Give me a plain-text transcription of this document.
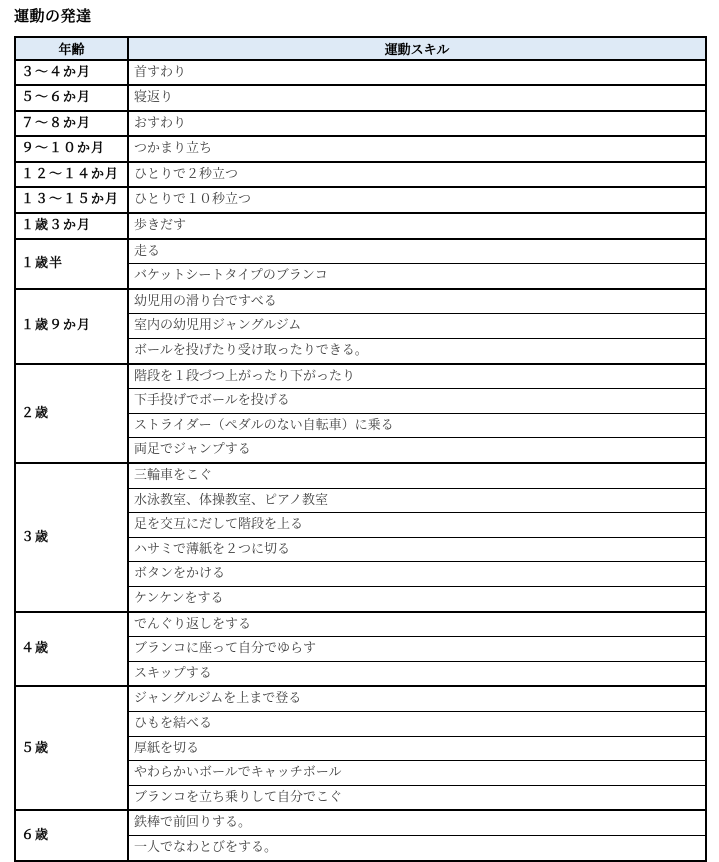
運動の発達
年齢	運動スキル
３〜４か月	首すわり
５〜６か月	寝返り
７〜８か月	おすわり
９〜１０か月	つかまり立ち
１２〜１４か月	ひとりで２秒立つ
１３〜１５か月	ひとりで１０秒立つ
１歳３か月	歩きだす
１歳半	走る
	バケットシートタイプのブランコ
１歳９か月	幼児用の滑り台ですべる
	室内の幼児用ジャングルジム
	ボールを投げたり受け取ったりできる。
２歳	階段を１段づつ上がったり下がったり
	下手投げでボールを投げる
	ストライダー（ペダルのない自転車）に乗る
	両足でジャンプする
３歳	三輪車をこぐ
	水泳教室、体操教室、ピアノ教室
	足を交互にだして階段を上る
	ハサミで薄紙を２つに切る
	ボタンをかける
	ケンケンをする
４歳	でんぐり返しをする
	ブランコに座って自分でゆらす
	スキップする
５歳	ジャングルジムを上まで登る
	ひもを結べる
	厚紙を切る
	やわらかいボールでキャッチボール
	ブランコを立ち乗りして自分でこぐ
６歳	鉄棒で前回りする。
	一人でなわとびをする。
